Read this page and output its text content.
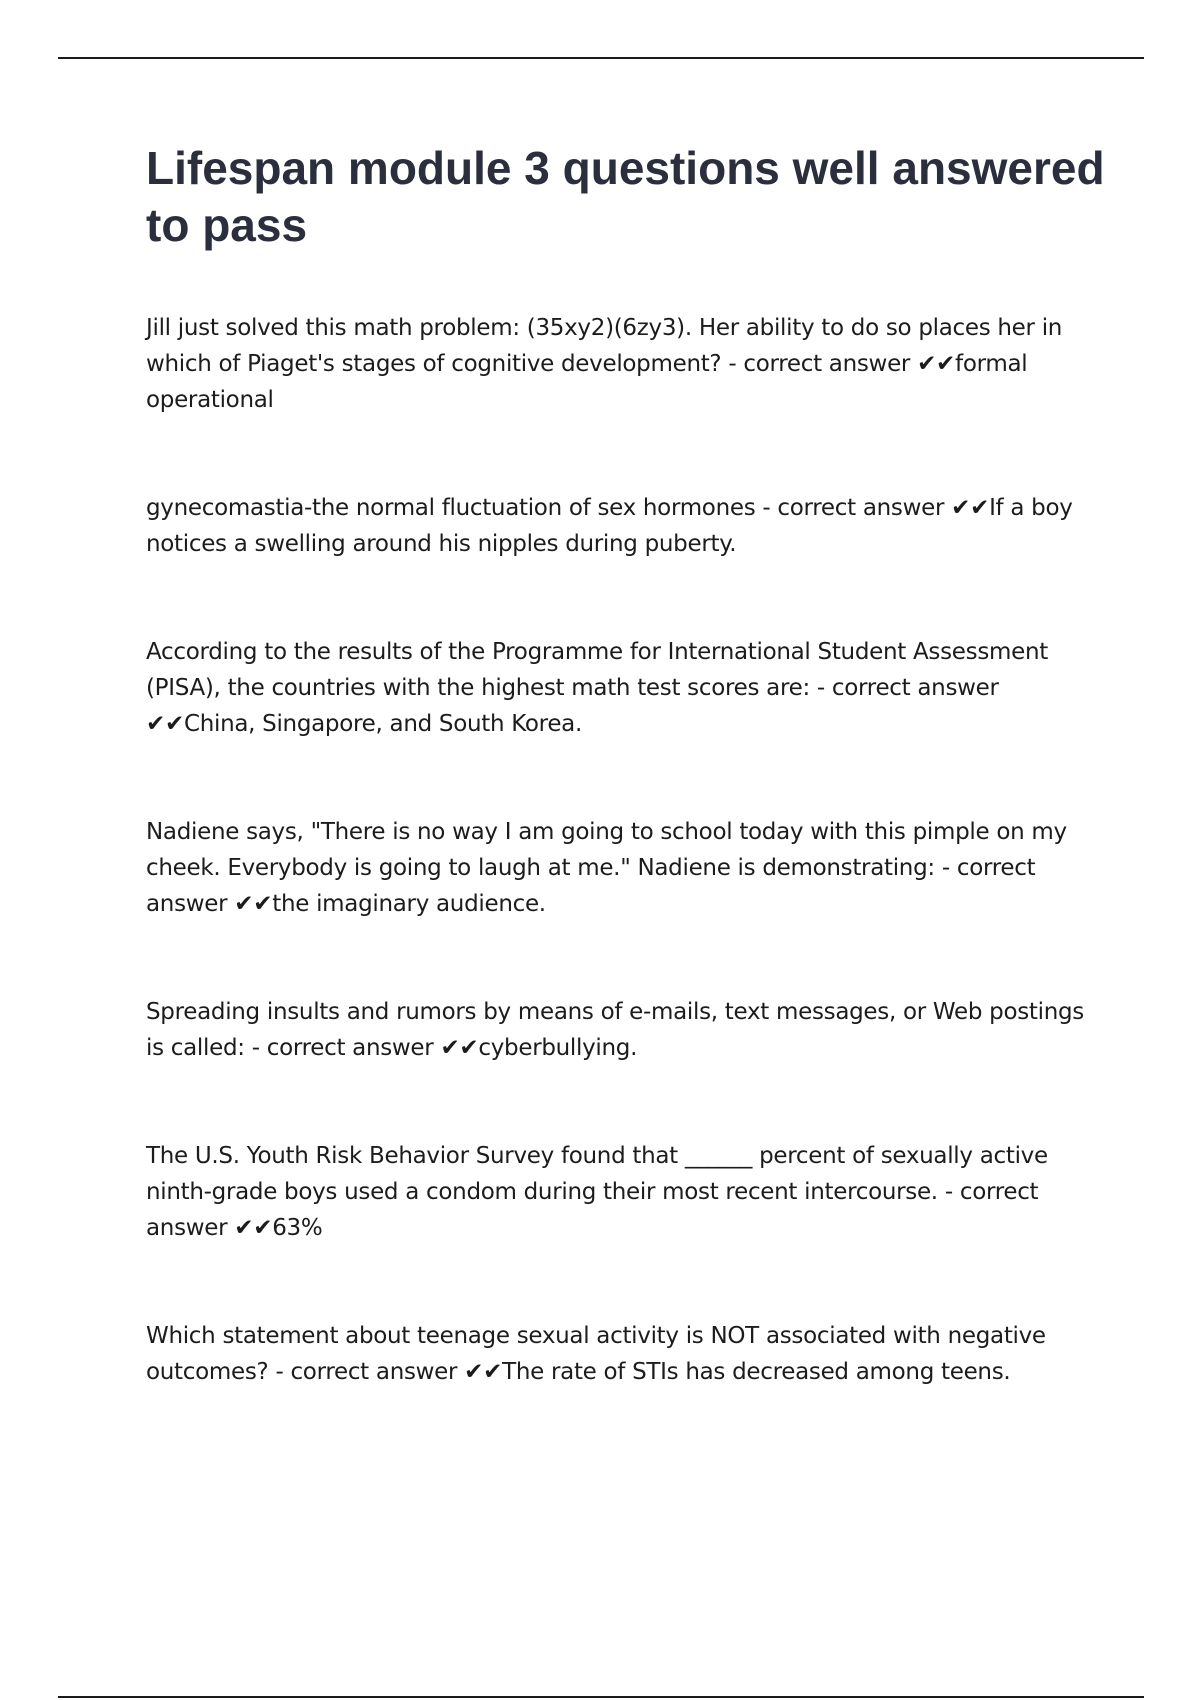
Lifespan module 3 questions well answered to pass

Jill just solved this math problem: (35xy2)(6zy3). Her ability to do so places her in which of Piaget's stages of cognitive development? - correct answer ✔✔formal operational

gynecomastia-the normal fluctuation of sex hormones - correct answer ✔✔If a boy notices a swelling around his nipples during puberty.

According to the results of the Programme for International Student Assessment (PISA), the countries with the highest math test scores are: - correct answer ✔✔China, Singapore, and South Korea.

Nadiene says, "There is no way I am going to school today with this pimple on my cheek. Everybody is going to laugh at me." Nadiene is demonstrating: - correct answer ✔✔the imaginary audience.

Spreading insults and rumors by means of e-mails, text messages, or Web postings is called: - correct answer ✔✔cyberbullying.

The U.S. Youth Risk Behavior Survey found that ______ percent of sexually active ninth-grade boys used a condom during their most recent intercourse. - correct answer ✔✔63%

Which statement about teenage sexual activity is NOT associated with negative outcomes? - correct answer ✔✔The rate of STIs has decreased among teens.
